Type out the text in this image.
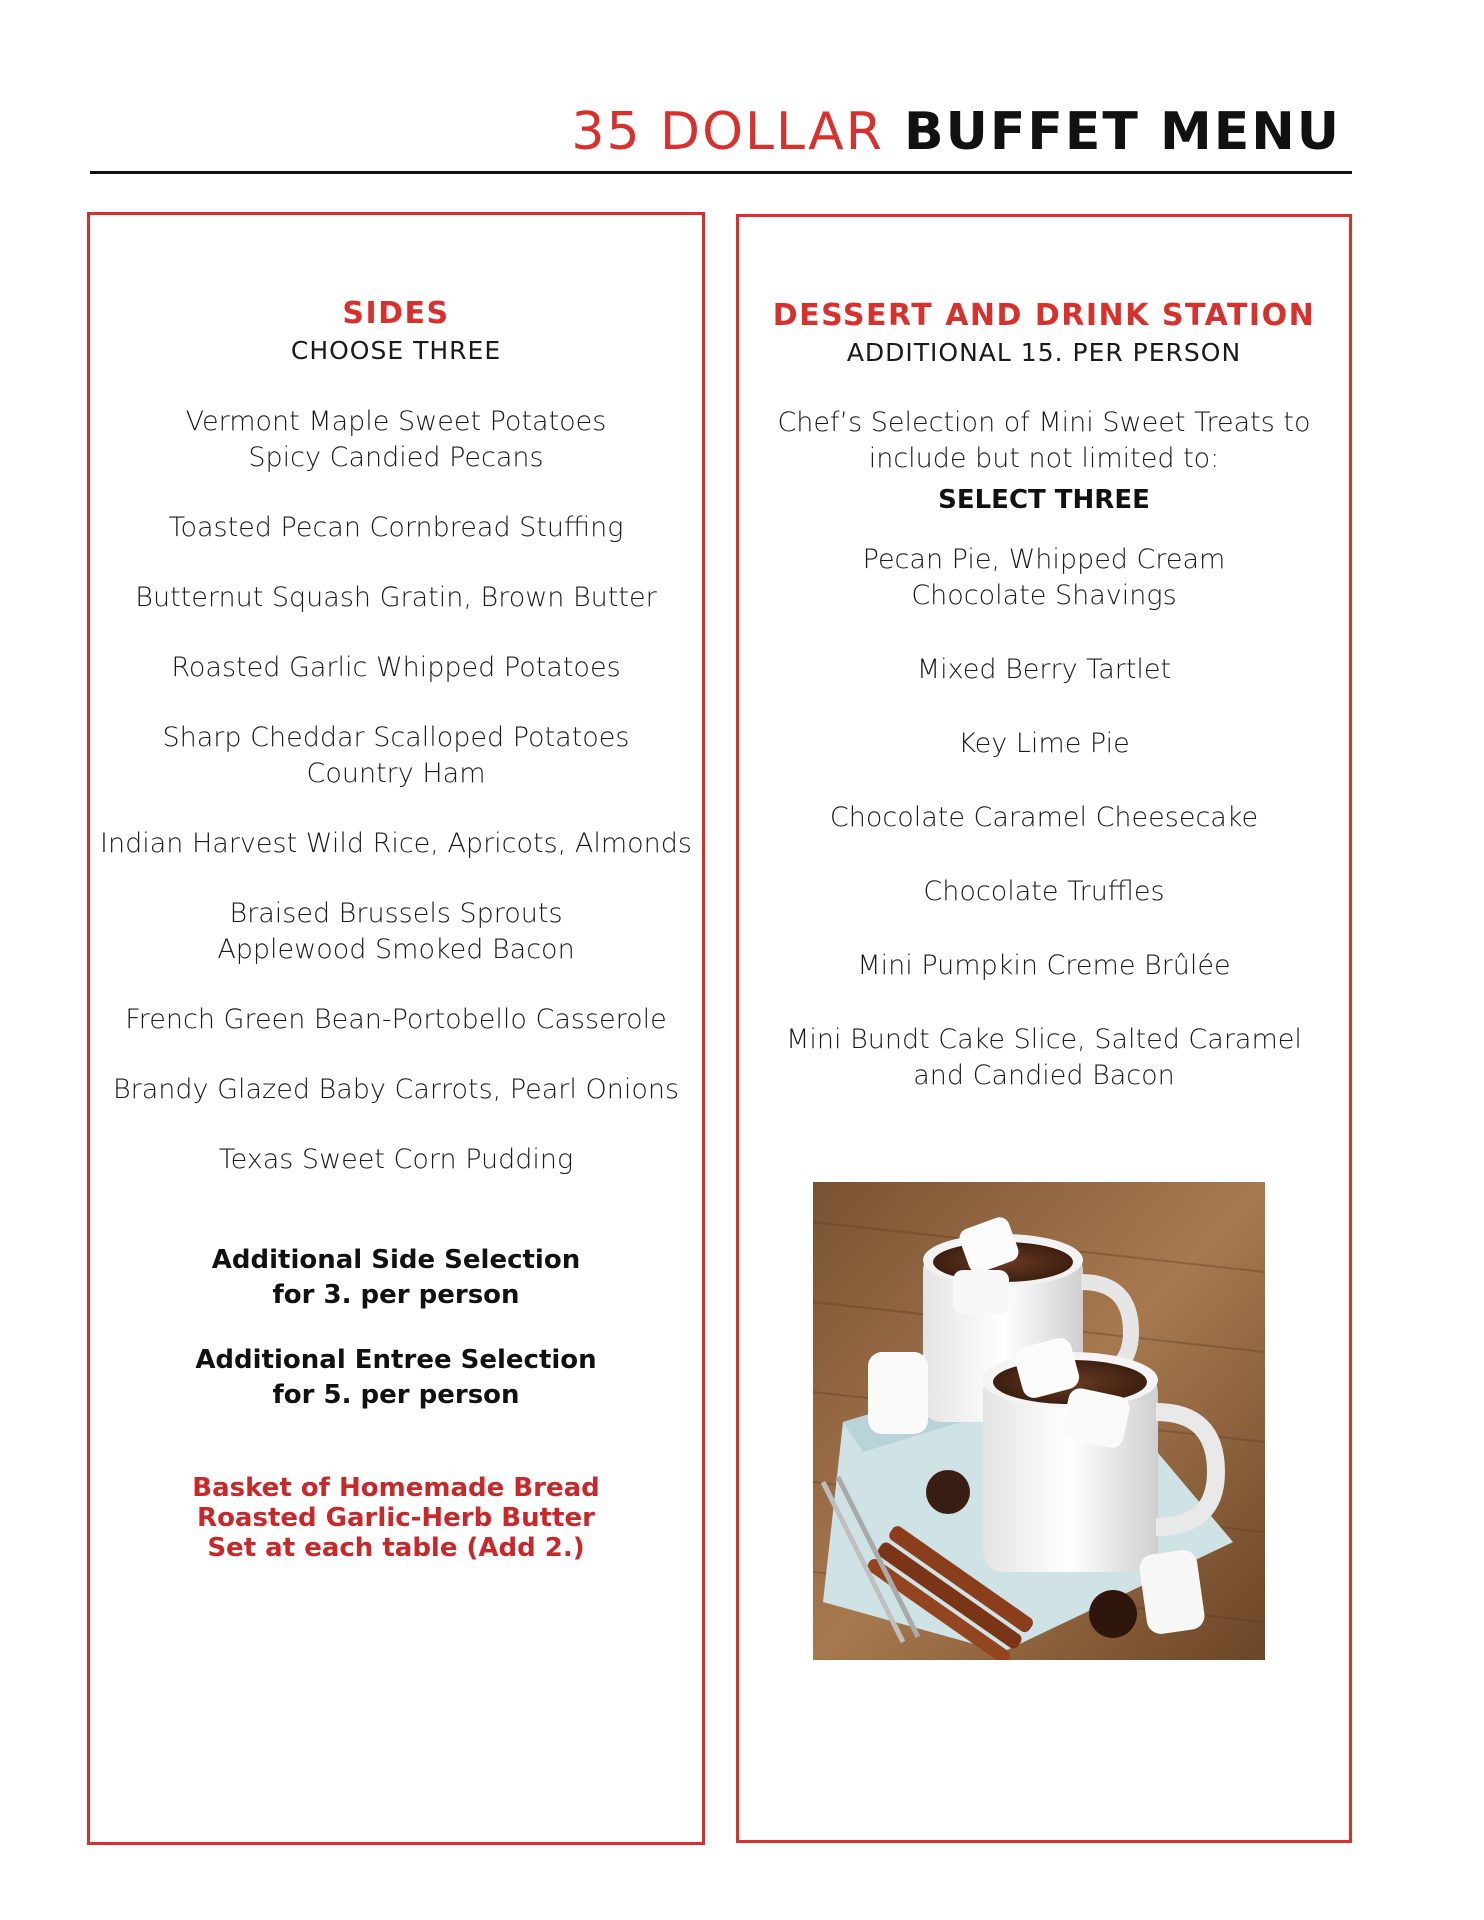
35 DOLLAR BUFFET MENU
SIDES
CHOOSE THREE
Vermont Maple Sweet Potatoes
Spicy Candied Pecans
Toasted Pecan Cornbread Stuffing
Butternut Squash Gratin, Brown Butter
Roasted Garlic Whipped Potatoes
Sharp Cheddar Scalloped Potatoes
Country Ham
Indian Harvest Wild Rice, Apricots, Almonds
Braised Brussels Sprouts
Applewood Smoked Bacon
French Green Bean-Portobello Casserole
Brandy Glazed Baby Carrots, Pearl Onions
Texas Sweet Corn Pudding
Additional Side Selection
for 3. per person
Additional Entree Selection
for 5. per person
Basket of Homemade Bread
Roasted Garlic-Herb Butter
Set at each table (Add 2.)
DESSERT AND DRINK STATION
ADDITIONAL 15. PER PERSON
Chef’s Selection of Mini Sweet Treats to
include but not limited to:
SELECT THREE
Pecan Pie, Whipped Cream
Chocolate Shavings
Mixed Berry Tartlet
Key Lime Pie
Chocolate Caramel Cheesecake
Chocolate Truffles
Mini Pumpkin Creme Brûlée
Mini Bundt Cake Slice, Salted Caramel
and Candied Bacon
